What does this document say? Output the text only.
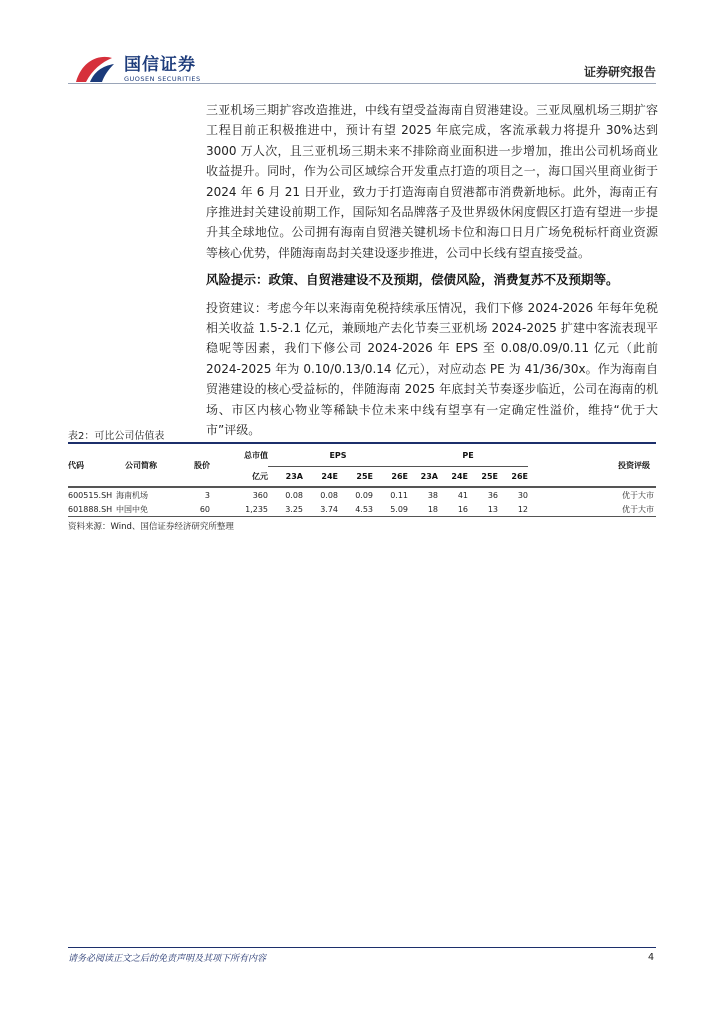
国信证券
GUOSEN SECURITIES	证券研究报告

三亚机场三期扩容改造推进，中线有望受益海南自贸港建设。三亚凤凰机场三期扩容工程目前正积极推进中，预计有望 2025 年底完成，客流承载力将提升 30%达到 3000 万人次，且三亚机场三期未来不排除商业面积进一步增加，推出公司机场商业收益提升。同时，作为公司区域综合开发重点打造的项目之一，海口国兴里商业街于 2024 年 6 月 21 日开业，致力于打造海南自贸港都市消费新地标。此外，海南正有序推进封关建设前期工作，国际知名品牌落子及世界级休闲度假区打造有望进一步提升其全球地位。公司拥有海南自贸港关键机场卡位和海口日月广场免税标杆商业资源等核心优势，伴随海南岛封关建设逐步推进，公司中长线有望直接受益。

风险提示：政策、自贸港建设不及预期，偿债风险，消费复苏不及预期等。

投资建议：考虑今年以来海南免税持续承压情况，我们下修 2024-2026 年每年免税相关收益 1.5-2.1 亿元，兼顾地产去化节奏三亚机场 2024-2025 扩建中客流表现平稳呢等因素，我们下修公司 2024-2026 年 EPS 至 0.08/0.09/0.11 亿元（此前 2024-2025 年为 0.10/0.13/0.14 亿元），对应动态 PE 为 41/36/30x。作为海南自贸港建设的核心受益标的，伴随海南 2025 年底封关节奏逐步临近，公司在海南的机场、市区内核心物业等稀缺卡位未来中线有望享有一定确定性溢价，维持“优于大市”评级。

表2：可比公司估值表
代码	公司简称	股价	总市值	EPS				PE				投资评级
			亿元	23A	24E	25E	26E	23A	24E	25E	26E	

600515.SH	海南机场	3	360	0.08	0.08	0.09	0.11	38	41	36	30	优于大市
601888.SH	中国中免	60	1,235	3.25	3.74	4.53	5.09	18	16	13	12	优于大市
资料来源：Wind、国信证券经济研究所整理
请务必阅读正文之后的免责声明及其项下所有内容	4
